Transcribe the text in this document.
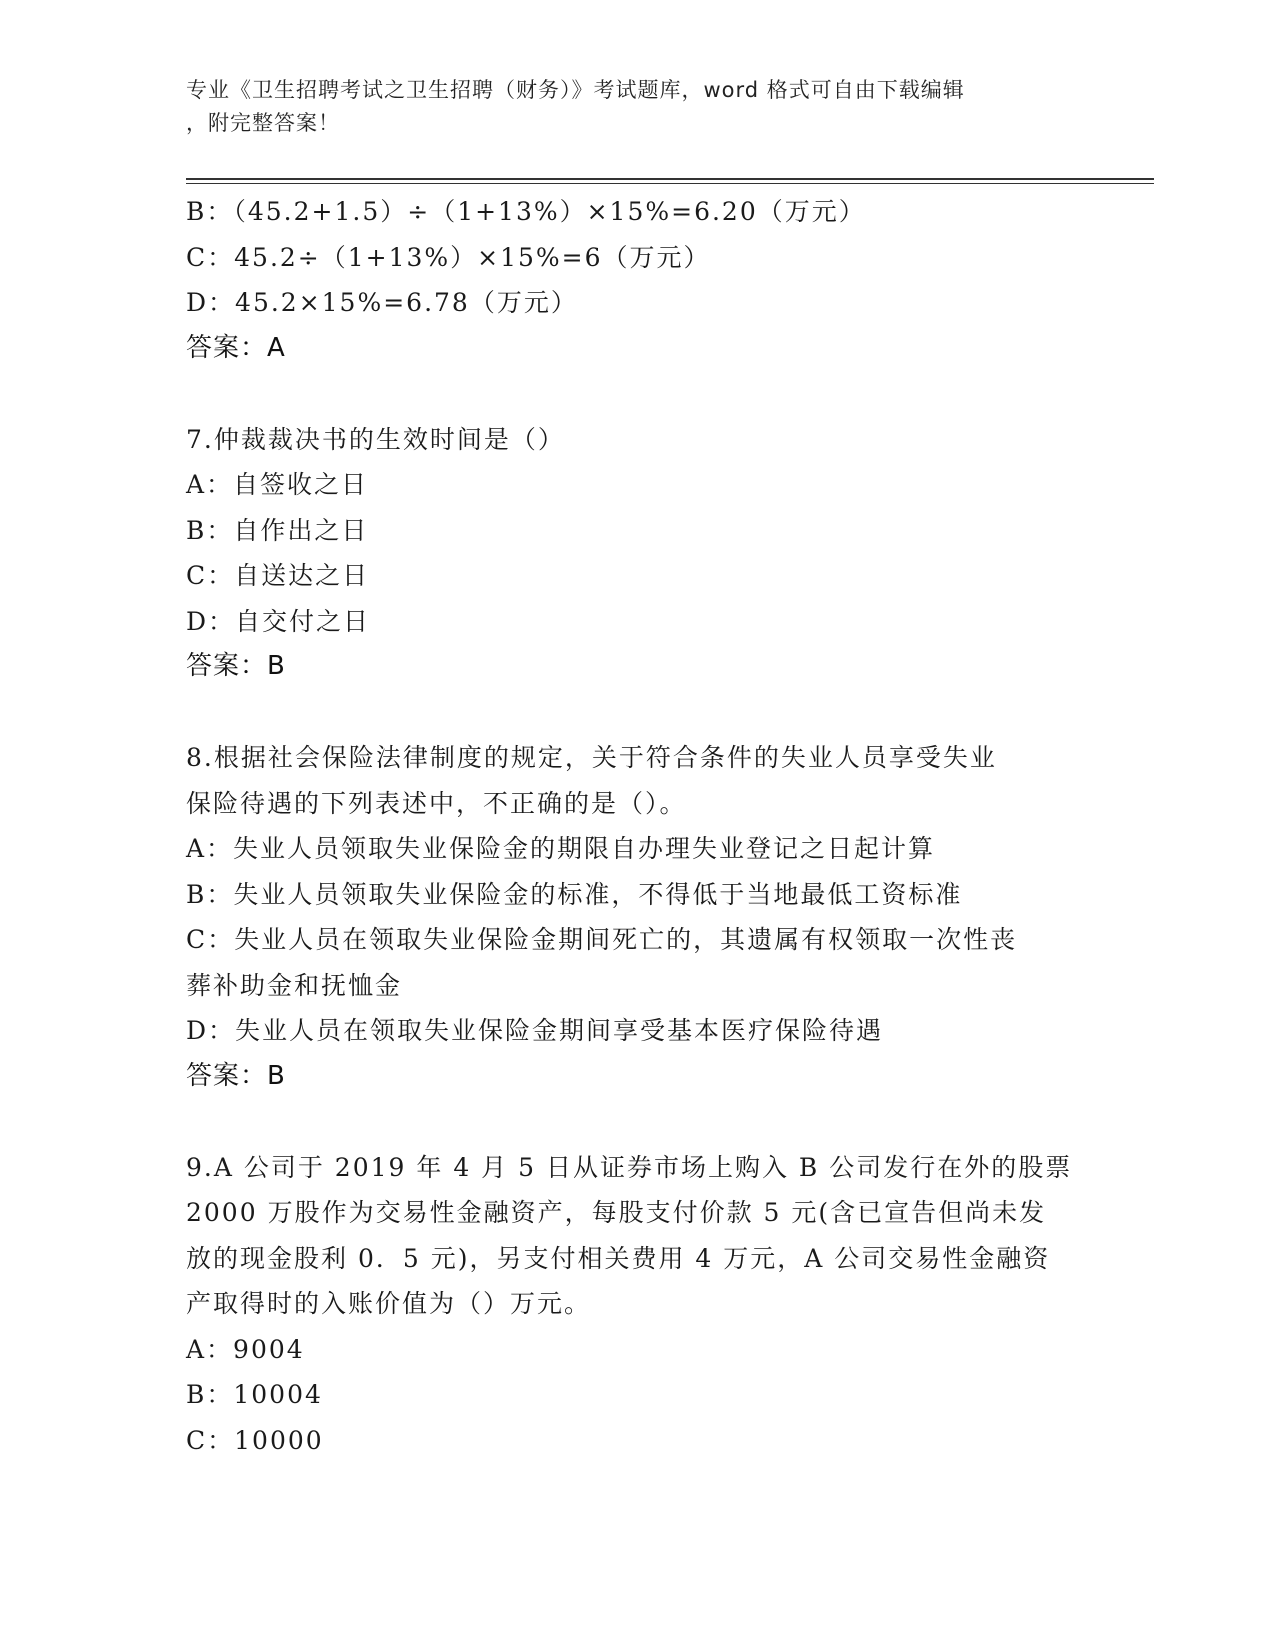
专业《卫生招聘考试之卫生招聘（财务）》考试题库，word 格式可自由下载编辑
，附完整答案！
B：（45.2+1.5）÷（1+13%）×15%=6.20（万元）
C：45.2÷（1+13%）×15%=6（万元）
D：45.2×15%=6.78（万元）
答案：A
7.仲裁裁决书的生效时间是（）
A：自签收之日
B：自作出之日
C：自送达之日
D：自交付之日
答案：B
8.根据社会保险法律制度的规定，关于符合条件的失业人员享受失业
保险待遇的下列表述中，不正确的是（）。
A：失业人员领取失业保险金的期限自办理失业登记之日起计算
B：失业人员领取失业保险金的标准，不得低于当地最低工资标准
C：失业人员在领取失业保险金期间死亡的，其遗属有权领取一次性丧
葬补助金和抚恤金
D：失业人员在领取失业保险金期间享受基本医疗保险待遇
答案：B
9.A 公司于 2019 年 4 月 5 日从证券市场上购入 B 公司发行在外的股票
2000 万股作为交易性金融资产，每股支付价款 5 元(含已宣告但尚未发
放的现金股利 0．5 元)，另支付相关费用 4 万元，A 公司交易性金融资
产取得时的入账价值为（）万元。
A：9004
B：10004
C：10000
